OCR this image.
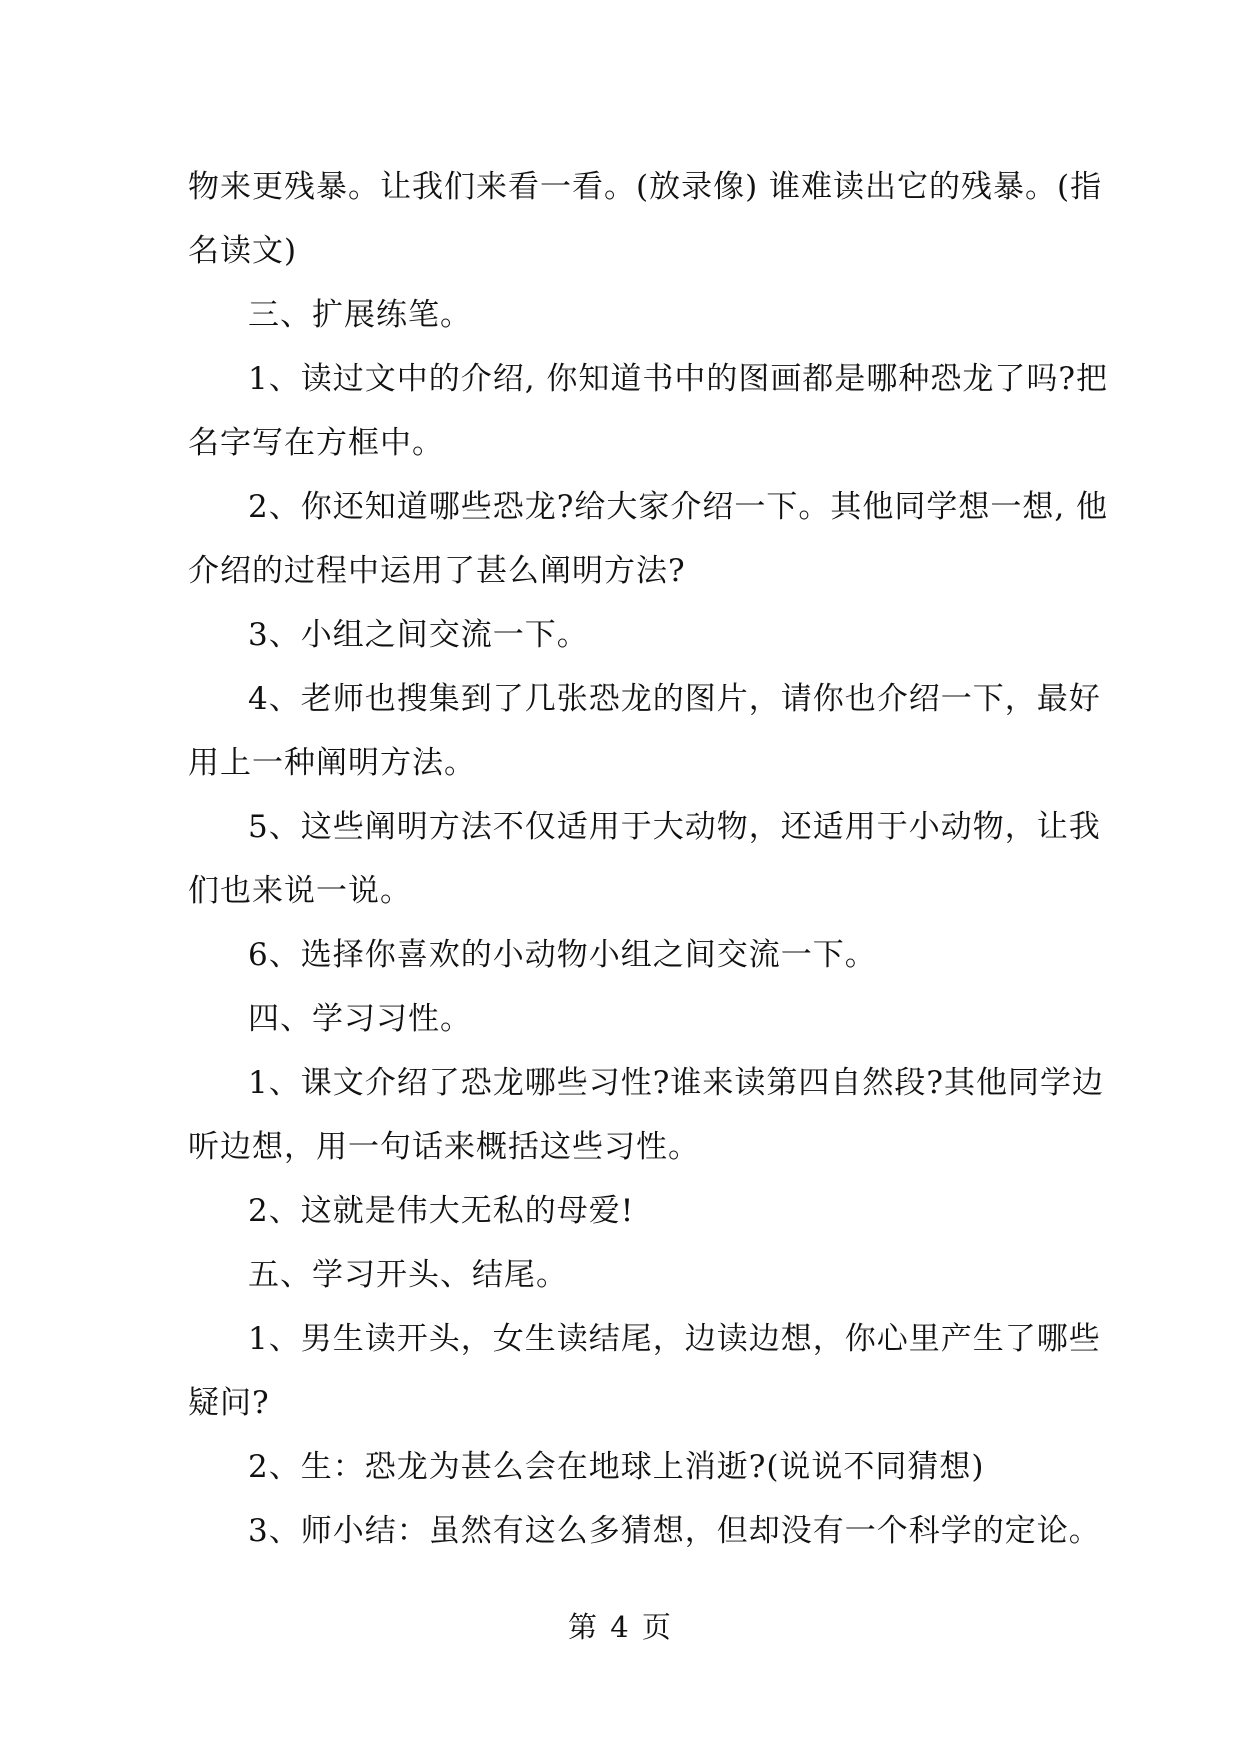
物来更残暴。让我们来看一看。(放录像) 谁难读出它的残暴。(指
名读文)
三、扩展练笔。
1、读过文中的介绍, 你知道书中的图画都是哪种恐龙了吗?把
名字写在方框中。
2、你还知道哪些恐龙?给大家介绍一下。其他同学想一想, 他
介绍的过程中运用了甚么阐明方法?
3、小组之间交流一下。
4、老师也搜集到了几张恐龙的图片，请你也介绍一下，最好
用上一种阐明方法。
5、这些阐明方法不仅适用于大动物，还适用于小动物，让我
们也来说一说。
6、选择你喜欢的小动物小组之间交流一下。
四、学习习性。
1、课文介绍了恐龙哪些习性?谁来读第四自然段?其他同学边
听边想，用一句话来概括这些习性。
2、这就是伟大无私的母爱!
五、学习开头、结尾。
1、男生读开头，女生读结尾，边读边想，你心里产生了哪些
疑问?
2、生：恐龙为甚么会在地球上消逝?(说说不同猜想)
3、师小结：虽然有这么多猜想，但却没有一个科学的定论。
第 4 页
